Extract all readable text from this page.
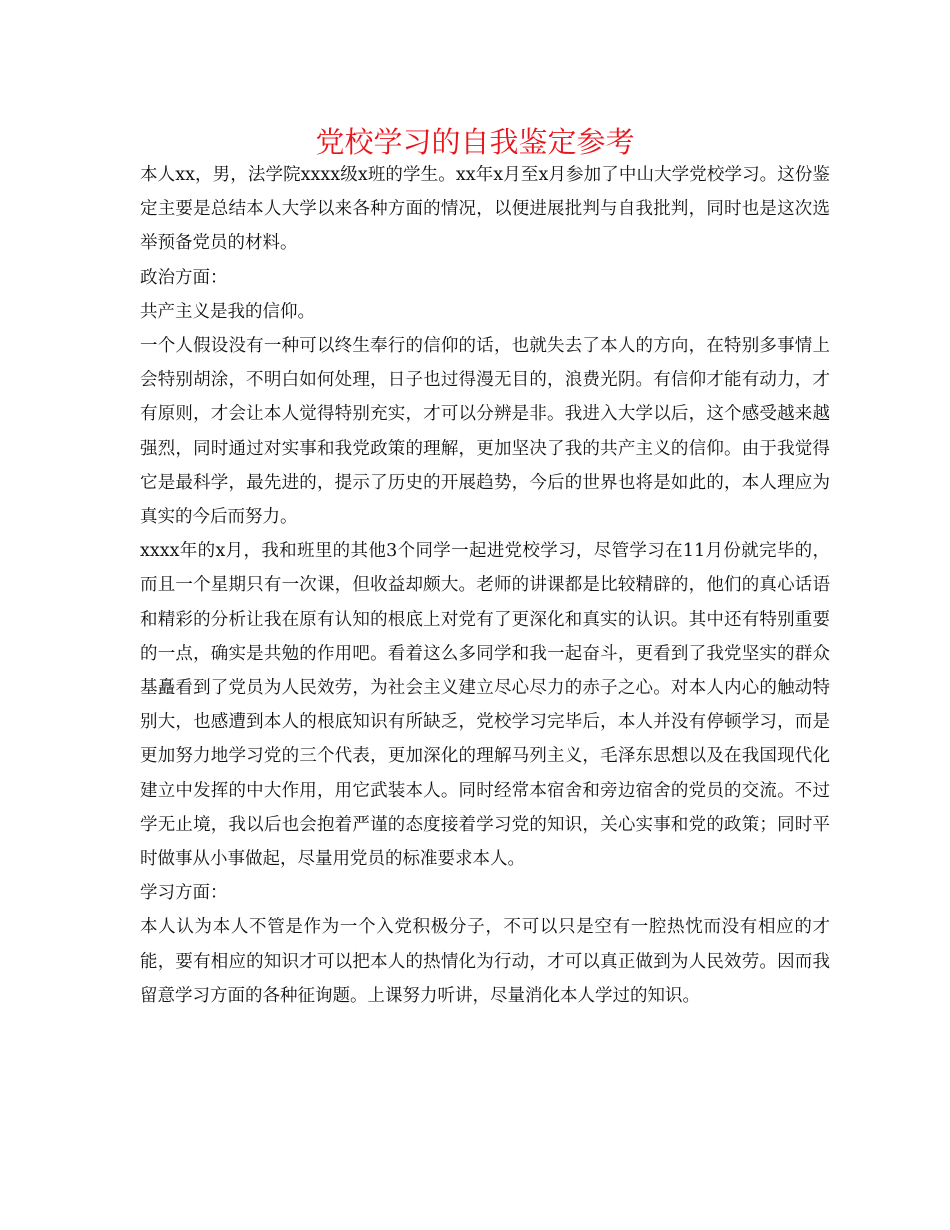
党校学习的自我鉴定参考

本人xx，男，法学院xxxx级x班的学生。xx年x月至x月参加了中山大学党校学习。这份鉴定主要是总结本人大学以来各种方面的情况，以便进展批判与自我批判，同时也是这次选举预备党员的材料。

政治方面：

共产主义是我的信仰。

一个人假设没有一种可以终生奉行的信仰的话，也就失去了本人的方向，在特别多事情上会特别胡涂，不明白如何处理，日子也过得漫无目的，浪费光阴。有信仰才能有动力，才有原则，才会让本人觉得特别充实，才可以分辨是非。我进入大学以后，这个感受越来越强烈，同时通过对实事和我党政策的理解，更加坚决了我的共产主义的信仰。由于我觉得它是最科学，最先进的，提示了历史的开展趋势，今后的世界也将是如此的，本人理应为真实的今后而努力。

xxxx年的x月，我和班里的其他3个同学一起进党校学习，尽管学习在11月份就完毕的，而且一个星期只有一次课，但收益却颇大。老师的讲课都是比较精辟的，他们的真心话语和精彩的分析让我在原有认知的根底上对党有了更深化和真实的认识。其中还有特别重要的一点，确实是共勉的作用吧。看着这么多同学和我一起奋斗，更看到了我党坚实的群众基矗看到了党员为人民效劳，为社会主义建立尽心尽力的赤子之心。对本人内心的触动特别大，也感遭到本人的根底知识有所缺乏，党校学习完毕后，本人并没有停顿学习，而是更加努力地学习党的三个代表，更加深化的理解马列主义，毛泽东思想以及在我国现代化建立中发挥的中大作用，用它武装本人。同时经常本宿舍和旁边宿舍的党员的交流。不过学无止境，我以后也会抱着严谨的态度接着学习党的知识，关心实事和党的政策；同时平时做事从小事做起，尽量用党员的标准要求本人。

学习方面：

本人认为本人不管是作为一个入党积极分子，不可以只是空有一腔热忱而没有相应的才能，要有相应的知识才可以把本人的热情化为行动，才可以真正做到为人民效劳。因而我留意学习方面的各种征询题。上课努力听讲，尽量消化本人学过的知识。
